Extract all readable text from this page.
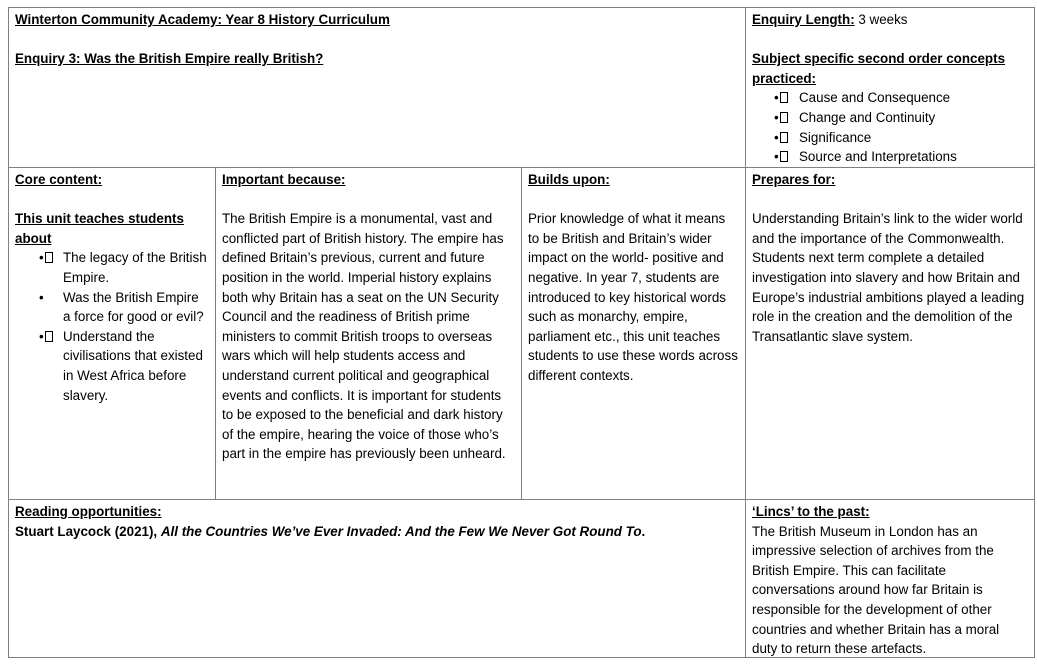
Winterton Community Academy: Year 8 History Curriculum
Enquiry 3: Was the British Empire really British?
Enquiry Length: 3 weeks
Subject specific second order concepts practiced:
•	Cause and Consequence
•	Change and Continuity
•	Significance
•	Source and Interpretations
Core content:
This unit teaches students about
•	The legacy of the British Empire.
• Was the British Empire a force for good or evil?
•	Understand the civilisations that existed in West Africa before slavery.
Important because:
The British Empire is a monumental, vast and conflicted part of British history. The empire has defined Britain’s previous, current and future position in the world. Imperial history explains both why Britain has a seat on the UN Security Council and the readiness of British prime ministers to commit British troops to overseas wars which will help students access and understand current political and geographical events and conflicts. It is important for students to be exposed to the beneficial and dark history of the empire, hearing the voice of those who’s part in the empire has previously been unheard.
Builds upon:
Prior knowledge of what it means to be British and Britain’s wider impact on the world- positive and negative. In year 7, students are introduced to key historical words such as monarchy, empire, parliament etc., this unit teaches students to use these words across different contexts.
Prepares for:
Understanding Britain’s link to the wider world and the importance of the Commonwealth. Students next term complete a detailed investigation into slavery and how Britain and Europe’s industrial ambitions played a leading role in the creation and the demolition of the Transatlantic slave system.
Reading opportunities:
Stuart Laycock (2021), All the Countries We’ve Ever Invaded: And the Few We Never Got Round To.
‘Lincs’ to the past:
The British Museum in London has an impressive selection of archives from the British Empire. This can facilitate conversations around how far Britain is responsible for the development of other countries and whether Britain has a moral duty to return these artefacts.
